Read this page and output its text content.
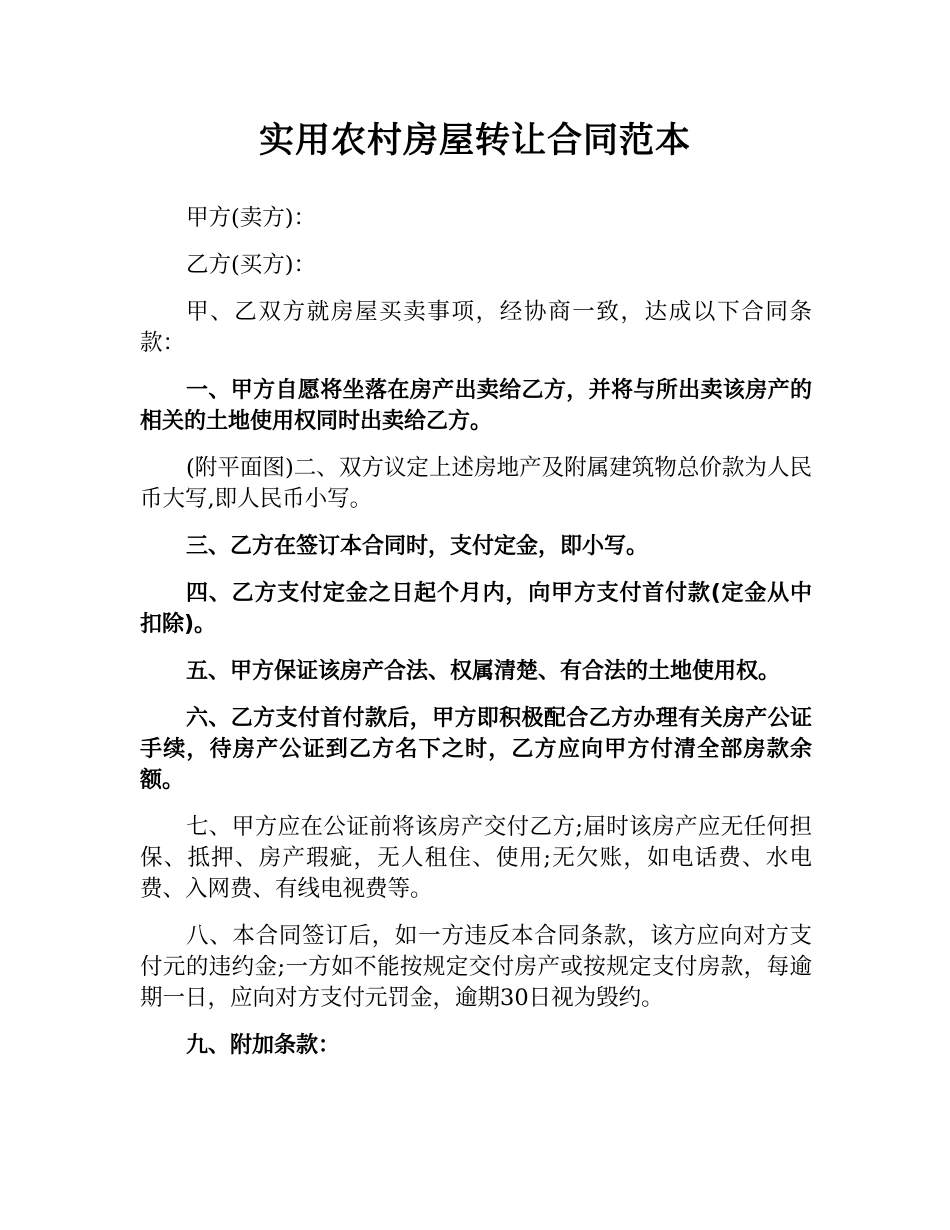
实用农村房屋转让合同范本

甲方(卖方)：

乙方(买方)：

甲、乙双方就房屋买卖事项，经协商一致，达成以下合同条款：

一、甲方自愿将坐落在房产出卖给乙方，并将与所出卖该房产的相关的土地使用权同时出卖给乙方。

(附平面图)二、双方议定上述房地产及附属建筑物总价款为人民币大写,即人民币小写。

三、乙方在签订本合同时，支付定金，即小写。

四、乙方支付定金之日起个月内，向甲方支付首付款(定金从中扣除)。

五、甲方保证该房产合法、权属清楚、有合法的土地使用权。

六、乙方支付首付款后，甲方即积极配合乙方办理有关房产公证手续，待房产公证到乙方名下之时，乙方应向甲方付清全部房款余额。

七、甲方应在公证前将该房产交付乙方;届时该房产应无任何担保、抵押、房产瑕疵，无人租住、使用;无欠账，如电话费、水电费、入网费、有线电视费等。

八、本合同签订后，如一方违反本合同条款，该方应向对方支付元的违约金;一方如不能按规定交付房产或按规定支付房款，每逾期一日，应向对方支付元罚金，逾期30日视为毁约。

九、附加条款：
